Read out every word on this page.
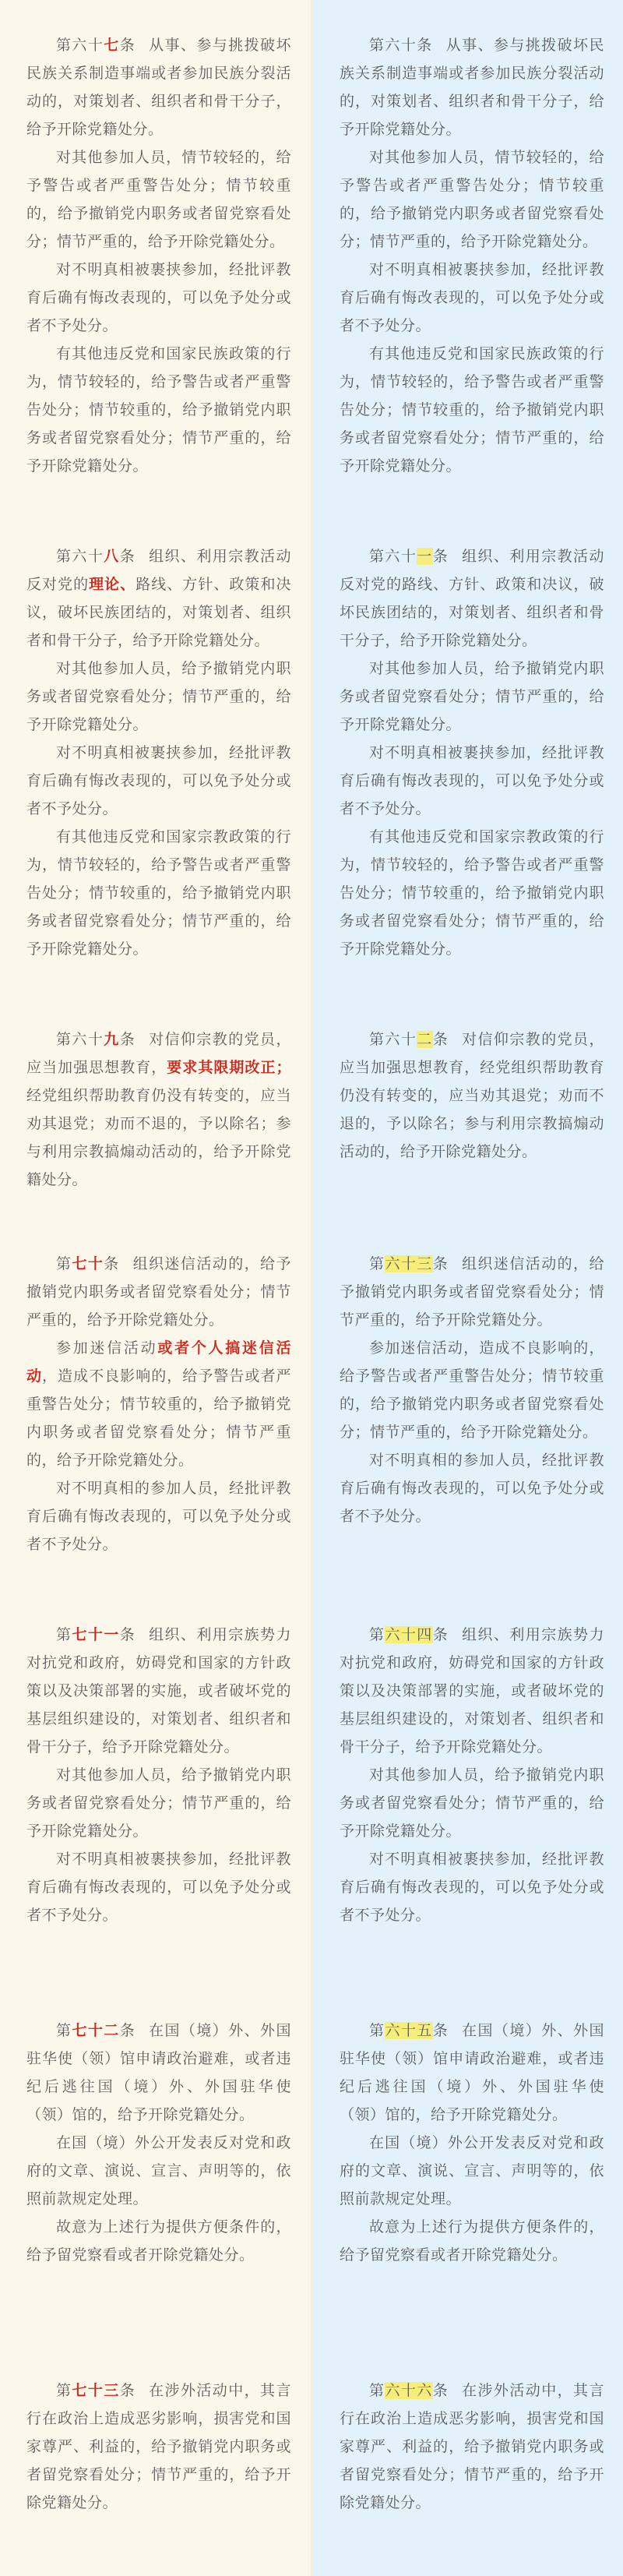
第六十七条 从事、参与挑拨破坏民族关系制造事端或者参加民族分裂活动的，对策划者、组织者和骨干分子，给予开除党籍处分。

对其他参加人员，情节较轻的，给予警告或者严重警告处分；情节较重的，给予撤销党内职务或者留党察看处分；情节严重的，给予开除党籍处分。

对不明真相被裹挟参加，经批评教育后确有悔改表现的，可以免予处分或者不予处分。

有其他违反党和国家民族政策的行为，情节较轻的，给予警告或者严重警告处分；情节较重的，给予撤销党内职务或者留党察看处分；情节严重的，给予开除党籍处分。

第六十八条 组织、利用宗教活动反对党的理论、路线、方针、政策和决议，破坏民族团结的，对策划者、组织者和骨干分子，给予开除党籍处分。

对其他参加人员，给予撤销党内职务或者留党察看处分；情节严重的，给予开除党籍处分。

对不明真相被裹挟参加，经批评教育后确有悔改表现的，可以免予处分或者不予处分。

有其他违反党和国家宗教政策的行为，情节较轻的，给予警告或者严重警告处分；情节较重的，给予撤销党内职务或者留党察看处分；情节严重的，给予开除党籍处分。

第六十九条 对信仰宗教的党员，应当加强思想教育，要求其限期改正；经党组织帮助教育仍没有转变的，应当劝其退党；劝而不退的，予以除名；参与利用宗教搞煽动活动的，给予开除党籍处分。

第七十条 组织迷信活动的，给予撤销党内职务或者留党察看处分；情节严重的，给予开除党籍处分。

参加迷信活动或者个人搞迷信活动，造成不良影响的，给予警告或者严重警告处分；情节较重的，给予撤销党内职务或者留党察看处分；情节严重的，给予开除党籍处分。

对不明真相的参加人员，经批评教育后确有悔改表现的，可以免予处分或者不予处分。

第七十一条 组织、利用宗族势力对抗党和政府，妨碍党和国家的方针政策以及决策部署的实施，或者破坏党的基层组织建设的，对策划者、组织者和骨干分子，给予开除党籍处分。

对其他参加人员，给予撤销党内职务或者留党察看处分；情节严重的，给予开除党籍处分。

对不明真相被裹挟参加，经批评教育后确有悔改表现的，可以免予处分或者不予处分。

第七十二条 在国（境）外、外国驻华使（领）馆申请政治避难，或者违纪后逃往国（境）外、外国驻华使（领）馆的，给予开除党籍处分。

在国（境）外公开发表反对党和政府的文章、演说、宣言、声明等的，依照前款规定处理。

故意为上述行为提供方便条件的，给予留党察看或者开除党籍处分。

第七十三条 在涉外活动中，其言行在政治上造成恶劣影响，损害党和国家尊严、利益的，给予撤销党内职务或者留党察看处分；情节严重的，给予开除党籍处分。

第六十条 从事、参与挑拨破坏民族关系制造事端或者参加民族分裂活动的，对策划者、组织者和骨干分子，给予开除党籍处分。

对其他参加人员，情节较轻的，给予警告或者严重警告处分；情节较重的，给予撤销党内职务或者留党察看处分；情节严重的，给予开除党籍处分。

对不明真相被裹挟参加，经批评教育后确有悔改表现的，可以免予处分或者不予处分。

有其他违反党和国家民族政策的行为，情节较轻的，给予警告或者严重警告处分；情节较重的，给予撤销党内职务或者留党察看处分；情节严重的，给予开除党籍处分。

第六十一条 组织、利用宗教活动反对党的路线、方针、政策和决议，破坏民族团结的，对策划者、组织者和骨干分子，给予开除党籍处分。

对其他参加人员，给予撤销党内职务或者留党察看处分；情节严重的，给予开除党籍处分。

对不明真相被裹挟参加，经批评教育后确有悔改表现的，可以免予处分或者不予处分。

有其他违反党和国家宗教政策的行为，情节较轻的，给予警告或者严重警告处分；情节较重的，给予撤销党内职务或者留党察看处分；情节严重的，给予开除党籍处分。

第六十二条 对信仰宗教的党员，应当加强思想教育，经党组织帮助教育仍没有转变的，应当劝其退党；劝而不退的，予以除名；参与利用宗教搞煽动活动的，给予开除党籍处分。

第六十三条 组织迷信活动的，给予撤销党内职务或者留党察看处分；情节严重的，给予开除党籍处分。

参加迷信活动，造成不良影响的，给予警告或者严重警告处分；情节较重的，给予撤销党内职务或者留党察看处分；情节严重的，给予开除党籍处分。

对不明真相的参加人员，经批评教育后确有悔改表现的，可以免予处分或者不予处分。

第六十四条 组织、利用宗族势力对抗党和政府，妨碍党和国家的方针政策以及决策部署的实施，或者破坏党的基层组织建设的，对策划者、组织者和骨干分子，给予开除党籍处分。

对其他参加人员，给予撤销党内职务或者留党察看处分；情节严重的，给予开除党籍处分。

对不明真相被裹挟参加，经批评教育后确有悔改表现的，可以免予处分或者不予处分。

第六十五条 在国（境）外、外国驻华使（领）馆申请政治避难，或者违纪后逃往国（境）外、外国驻华使（领）馆的，给予开除党籍处分。

在国（境）外公开发表反对党和政府的文章、演说、宣言、声明等的，依照前款规定处理。

故意为上述行为提供方便条件的，给予留党察看或者开除党籍处分。

第六十六条 在涉外活动中，其言行在政治上造成恶劣影响，损害党和国家尊严、利益的，给予撤销党内职务或者留党察看处分；情节严重的，给予开除党籍处分。
